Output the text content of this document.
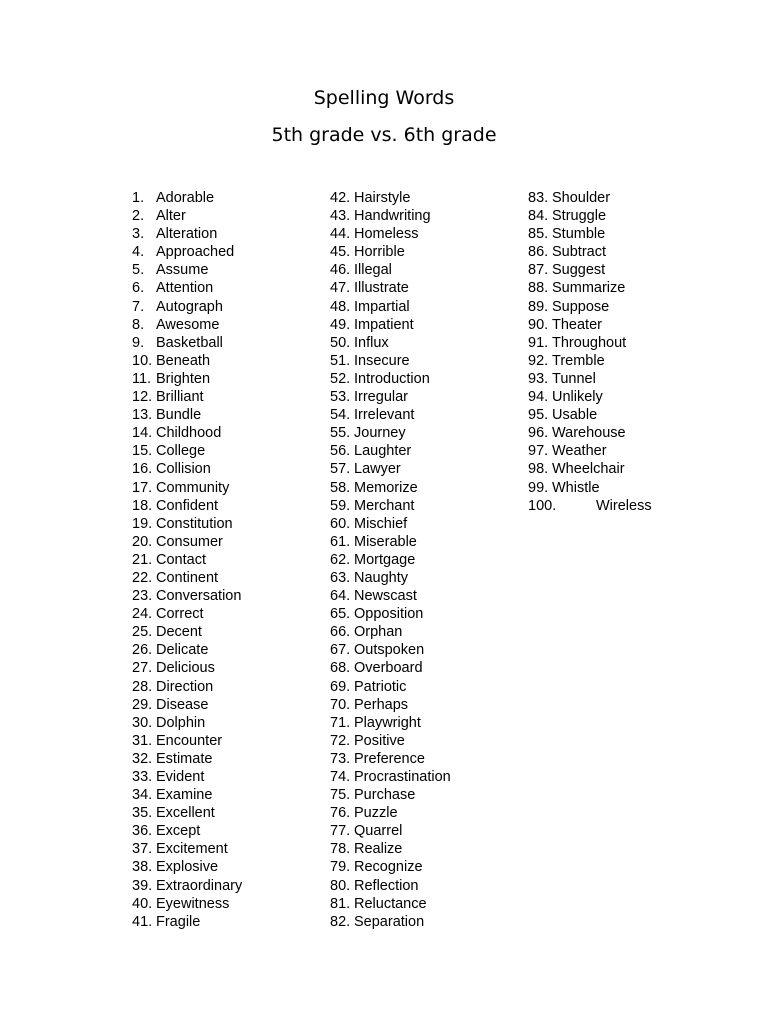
Spelling Words
5th grade vs. 6th grade
1. Adorable
2. Alter
3. Alteration
4. Approached
5. Assume
6. Attention
7. Autograph
8. Awesome
9. Basketball
10. Beneath
11. Brighten
12. Brilliant
13. Bundle
14. Childhood
15. College
16. Collision
17. Community
18. Confident
19. Constitution
20. Consumer
21. Contact
22. Continent
23. Conversation
24. Correct
25. Decent
26. Delicate
27. Delicious
28. Direction
29. Disease
30. Dolphin
31. Encounter
32. Estimate
33. Evident
34. Examine
35. Excellent
36. Except
37. Excitement
38. Explosive
39. Extraordinary
40. Eyewitness
41. Fragile
42. Hairstyle
43. Handwriting
44. Homeless
45. Horrible
46. Illegal
47. Illustrate
48. Impartial
49. Impatient
50. Influx
51. Insecure
52. Introduction
53. Irregular
54. Irrelevant
55. Journey
56. Laughter
57. Lawyer
58. Memorize
59. Merchant
60. Mischief
61. Miserable
62. Mortgage
63. Naughty
64. Newscast
65. Opposition
66. Orphan
67. Outspoken
68. Overboard
69. Patriotic
70. Perhaps
71. Playwright
72. Positive
73. Preference
74. Procrastination
75. Purchase
76. Puzzle
77. Quarrel
78. Realize
79. Recognize
80. Reflection
81. Reluctance
82. Separation
83. Shoulder
84. Struggle
85. Stumble
86. Subtract
87. Suggest
88. Summarize
89. Suppose
90. Theater
91. Throughout
92. Tremble
93. Tunnel
94. Unlikely
95. Usable
96. Warehouse
97. Weather
98. Wheelchair
99. Whistle
100.	Wireless
